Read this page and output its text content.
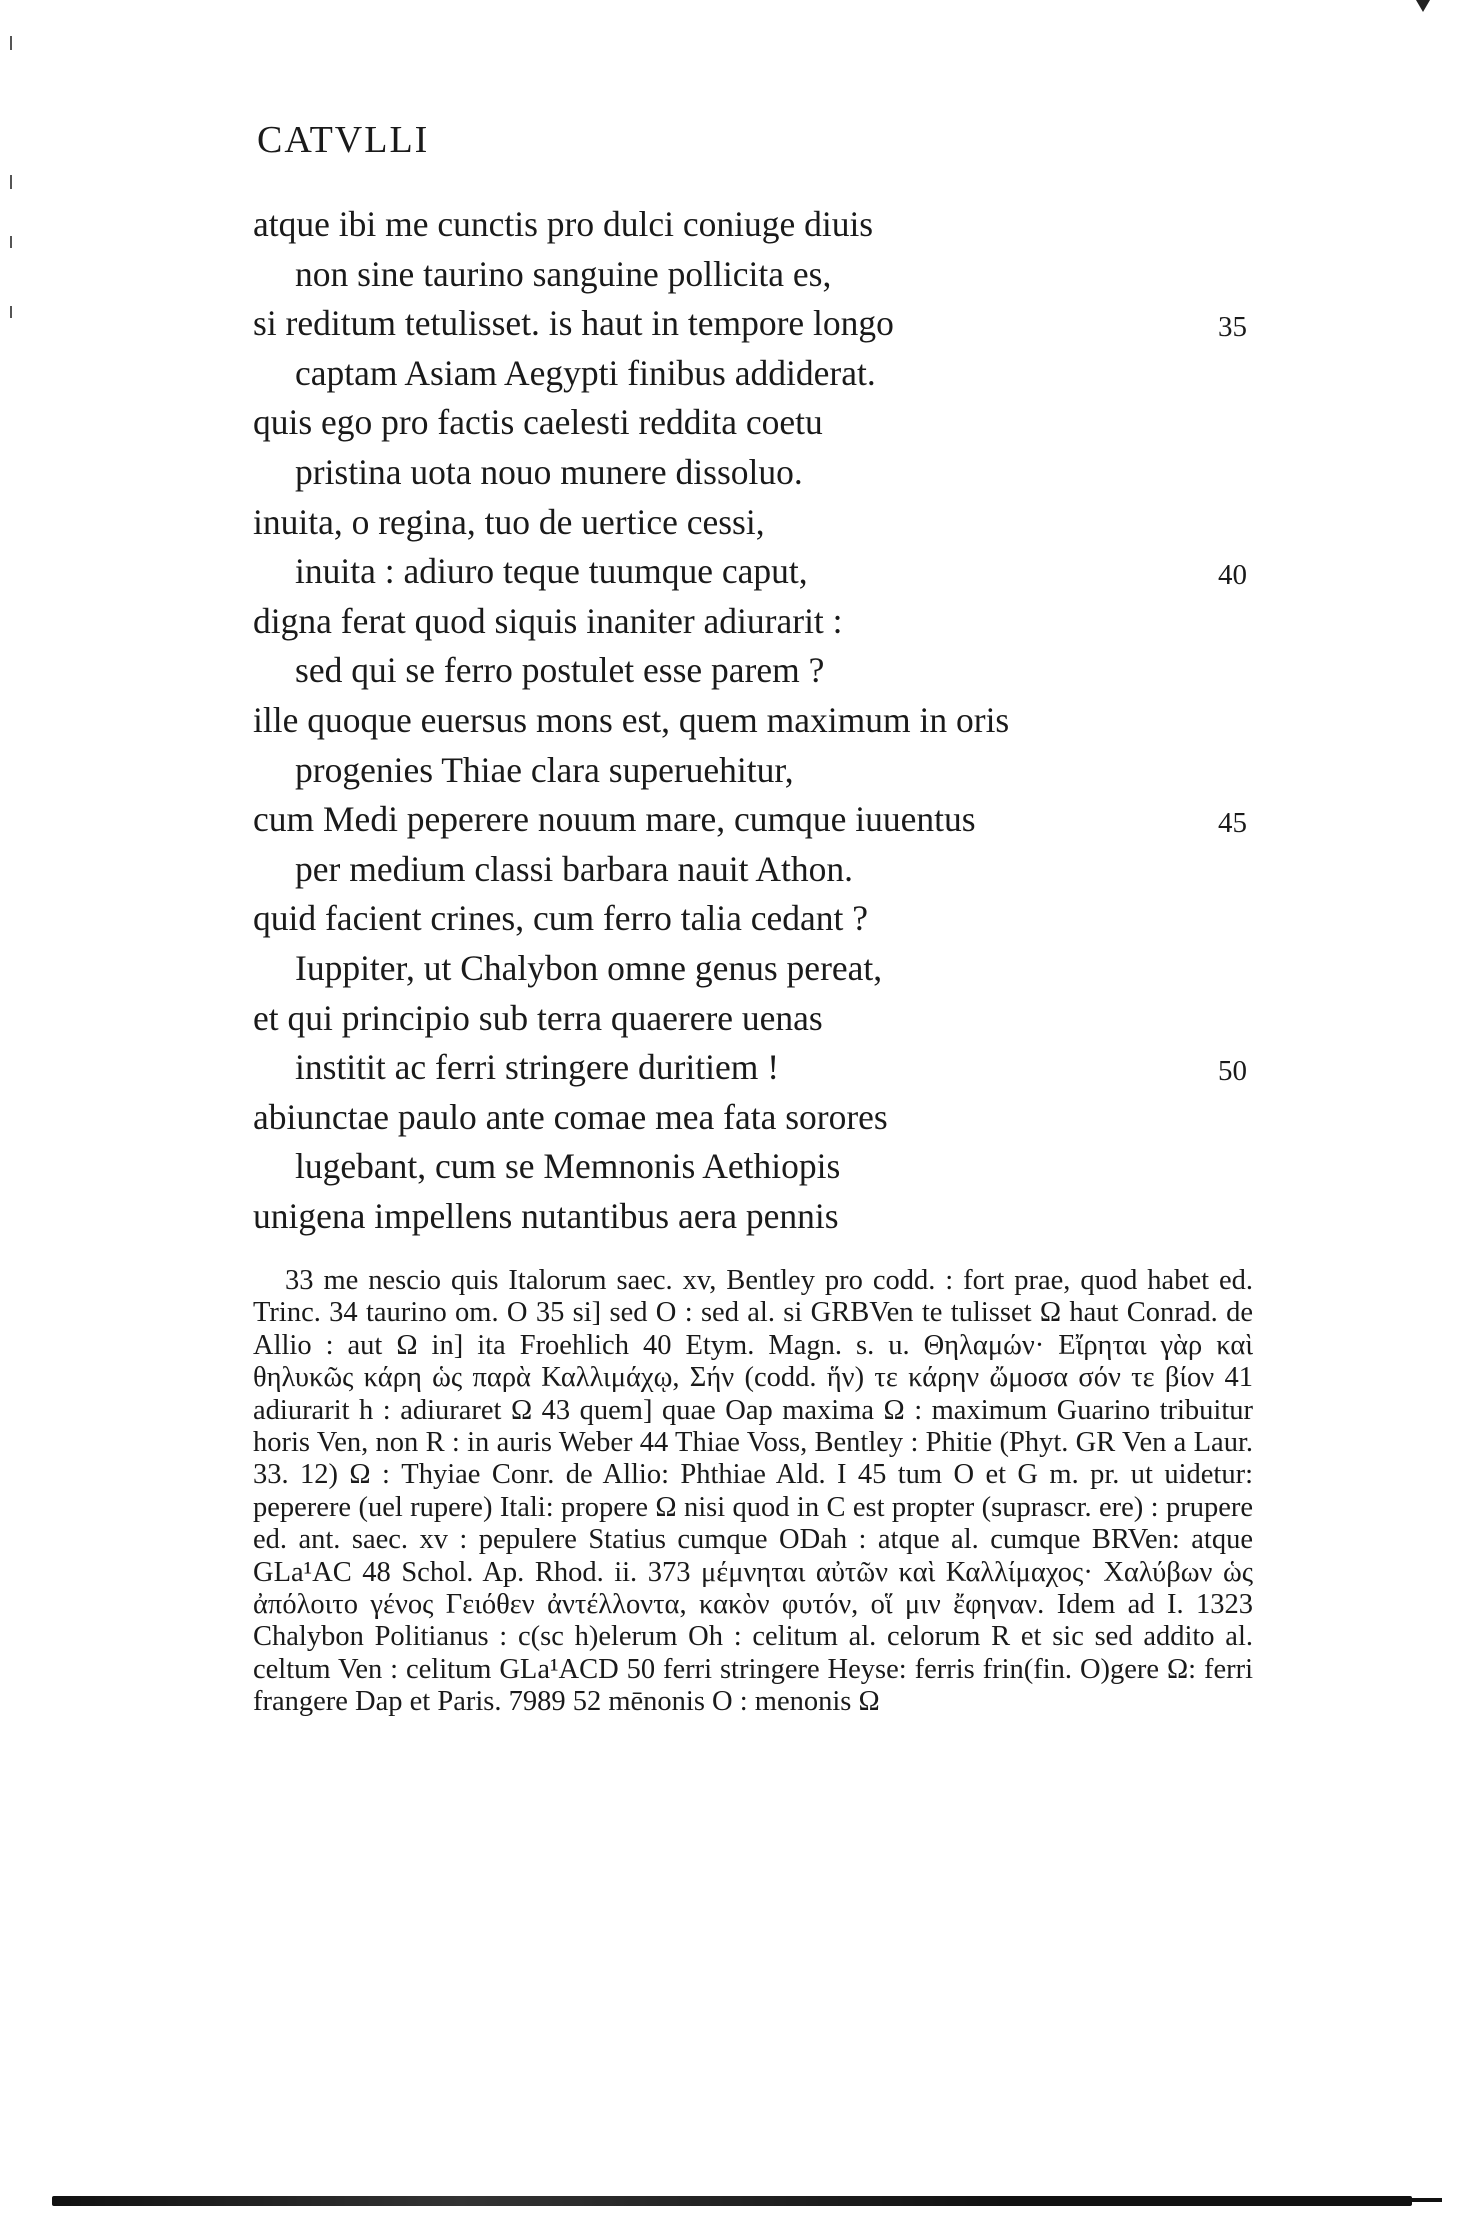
CATVLLI
atque ibi me cunctis pro dulci coniuge diuis
non sine taurino sanguine pollicita es,
si reditum tetulisset. is haut in tempore longo	35
captam Asiam Aegypti finibus addiderat.
quis ego pro factis caelesti reddita coetu
pristina uota nouo munere dissoluo.
inuita, o regina, tuo de uertice cessi,
inuita : adiuro teque tuumque caput,	40
digna ferat quod siquis inaniter adiurarit :
sed qui se ferro postulet esse parem ?
ille quoque euersus mons est, quem maximum in oris
progenies Thiae clara superuehitur,
cum Medi peperere nouum mare, cumque iuuentus	45
per medium classi barbara nauit Athon.
quid facient crines, cum ferro talia cedant ?
Iuppiter, ut Chalybon omne genus pereat,
et qui principio sub terra quaerere uenas
institit ac ferri stringere duritiem !	50
abiunctae paulo ante comae mea fata sorores
lugebant, cum se Memnonis Aethiopis
unigena impellens nutantibus aera pennis

33 me nescio quis Italorum saec. xv, Bentley pro codd. : fort prae, quod habet ed. Trinc. 34 taurino om. O 35 si] sed O : sed al. si GRBVen te tulisset Ω haut Conrad. de Allio : aut Ω in] ita Froehlich 40 Etym. Magn. s. u. Θηλαμών· Εἴρηται γὰρ καὶ θηλυκῶς κάρη ὡς παρὰ Καλλιμάχῳ, Σήν (codd. ἥν) τε κάρην ὤμοσα σόν τε βίον 41 adiurarit h : adiuraret Ω 43 quem] quae Oap maxima Ω : maximum Guarino tribuitur horis Ven, non R : in auris Weber 44 Thiae Voss, Bentley : Phitie (Phyt. GR Ven a Laur. 33. 12) Ω : Thyiae Conr. de Allio: Phthiae Ald. I 45 tum O et G m. pr. ut uidetur: peperere (uel rupere) Itali: propere Ω nisi quod in C est propter (suprascr. ere) : prupere ed. ant. saec. xv : pepulere Statius cumque ODah : atque al. cumque BRVen: atque GLa¹AC 48 Schol. Ap. Rhod. ii. 373 μέμνηται αὐτῶν καὶ Καλλίμαχος· Χαλύβων ὡς ἀπόλοιτο γένος Γειόθεν ἀντέλλοντα, κακὸν φυτόν, οἵ μιν ἔφηναν. Idem ad I. 1323 Chalybon Politianus : c(sc h)elerum Oh : celitum al. celorum R et sic sed addito al. celtum Ven : celitum GLa¹ACD 50 ferri stringere Heyse: ferris frin(fin. O)gere Ω: ferri frangere Dap et Paris. 7989 52 mēnonis O : menonis Ω
